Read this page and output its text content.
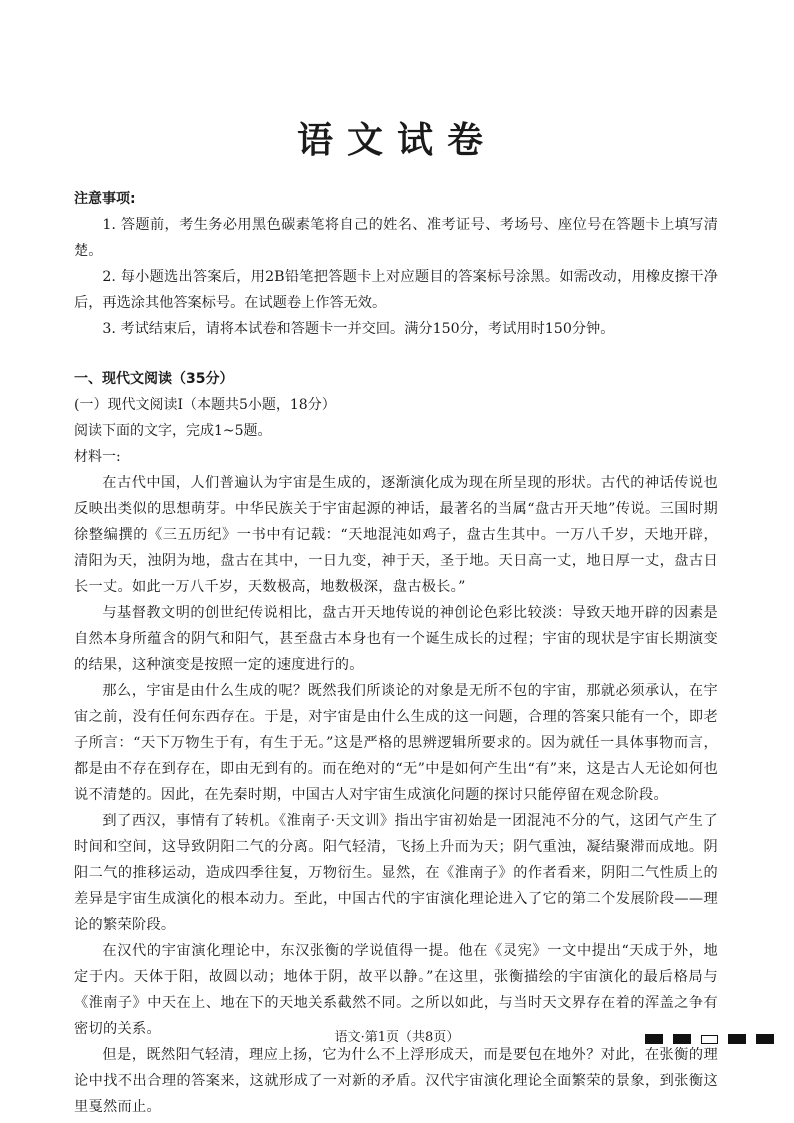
语文试卷

注意事项:

1. 答题前，考生务必用黑色碳素笔将自己的姓名、准考证号、考场号、座位号在答题卡上填写清楚。

2. 每小题选出答案后，用2B铅笔把答题卡上对应题目的答案标号涂黑。如需改动，用橡皮擦干净后，再选涂其他答案标号。在试题卷上作答无效。

3. 考试结束后，请将本试卷和答题卡一并交回。满分150分，考试用时150分钟。

一、现代文阅读（35分）

(一）现代文阅读Ⅰ（本题共5小题，18分）

阅读下面的文字，完成1~5题。

材料一:

在古代中国，人们普遍认为宇宙是生成的，逐渐演化成为现在所呈现的形状。古代的神话传说也反映出类似的思想萌芽。中华民族关于宇宙起源的神话，最著名的当属“盘古开天地”传说。三国时期徐整编撰的《三五历纪》一书中有记载：“天地混沌如鸡子，盘古生其中。一万八千岁，天地开辟，清阳为天，浊阴为地，盘古在其中，一日九变，神于天，圣于地。天日高一丈，地日厚一丈，盘古日长一丈。如此一万八千岁，天数极高，地数极深，盘古极长。”

与基督教文明的创世纪传说相比，盘古开天地传说的神创论色彩比较淡：导致天地开辟的因素是自然本身所蕴含的阴气和阳气，甚至盘古本身也有一个诞生成长的过程；宇宙的现状是宇宙长期演变的结果，这种演变是按照一定的速度进行的。

那么，宇宙是由什么生成的呢？既然我们所谈论的对象是无所不包的宇宙，那就必须承认，在宇宙之前，没有任何东西存在。于是，对宇宙是由什么生成的这一问题，合理的答案只能有一个，即老子所言：“天下万物生于有，有生于无。”这是严格的思辨逻辑所要求的。因为就任一具体事物而言，都是由不存在到存在，即由无到有的。而在绝对的“无”中是如何产生出“有”来，这是古人无论如何也说不清楚的。因此，在先秦时期，中国古人对宇宙生成演化问题的探讨只能停留在观念阶段。

到了西汉，事情有了转机。《淮南子·天文训》指出宇宙初始是一团混沌不分的气，这团气产生了时间和空间，这导致阴阳二气的分离。阳气轻清，飞扬上升而为天；阴气重浊，凝结聚滞而成地。阴阳二气的推移运动，造成四季往复，万物衍生。显然，在《淮南子》的作者看来，阴阳二气性质上的差异是宇宙生成演化的根本动力。至此，中国古代的宇宙演化理论进入了它的第二个发展阶段——理论的繁荣阶段。

在汉代的宇宙演化理论中，东汉张衡的学说值得一提。他在《灵宪》一文中提出“天成于外，地定于内。天体于阳，故圆以动；地体于阴，故平以静。”在这里，张衡描绘的宇宙演化的最后格局与《淮南子》中天在上、地在下的天地关系截然不同。之所以如此，与当时天文界存在着的浑盖之争有密切的关系。

但是，既然阳气轻清，理应上扬，它为什么不上浮形成天，而是要包在地外？对此，在张衡的理论中找不出合理的答案来，这就形成了一对新的矛盾。汉代宇宙演化理论全面繁荣的景象，到张衡这里戛然而止。

语文·第1页（共8页）
